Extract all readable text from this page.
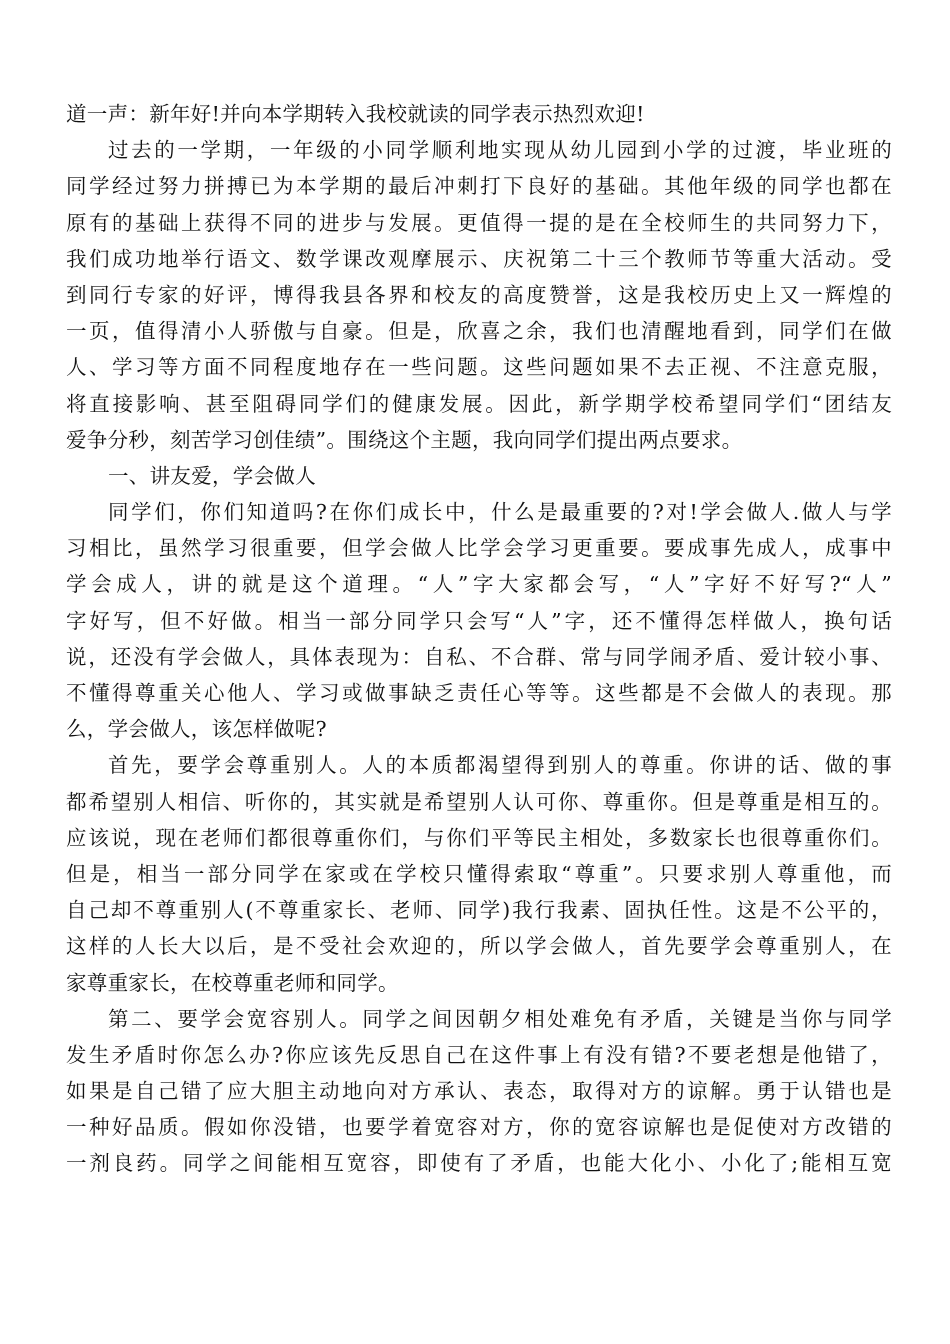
道一声：新年好!并向本学期转入我校就读的同学表示热烈欢迎!
过去的一学期，一年级的小同学顺利地实现从幼儿园到小学的过渡，毕业班的
同学经过努力拼搏已为本学期的最后冲刺打下良好的基础。其他年级的同学也都在
原有的基础上获得不同的进步与发展。更值得一提的是在全校师生的共同努力下，
我们成功地举行语文、数学课改观摩展示、庆祝第二十三个教师节等重大活动。受
到同行专家的好评，博得我县各界和校友的高度赞誉，这是我校历史上又一辉煌的
一页，值得清小人骄傲与自豪。但是，欣喜之余，我们也清醒地看到，同学们在做
人、学习等方面不同程度地存在一些问题。这些问题如果不去正视、不注意克服，
将直接影响、甚至阻碍同学们的健康发展。因此，新学期学校希望同学们“团结友
爱争分秒，刻苦学习创佳绩”。围绕这个主题，我向同学们提出两点要求。
一、讲友爱，学会做人
同学们，你们知道吗?在你们成长中，什么是最重要的?对!学会做人.做人与学
习相比，虽然学习很重要，但学会做人比学会学习更重要。要成事先成人，成事中
学会成人，讲的就是这个道理。“人”字大家都会写，“人”字好不好写?“人”
字好写，但不好做。相当一部分同学只会写“人”字，还不懂得怎样做人，换句话
说，还没有学会做人，具体表现为：自私、不合群、常与同学闹矛盾、爱计较小事、
不懂得尊重关心他人、学习或做事缺乏责任心等等。这些都是不会做人的表现。那
么，学会做人，该怎样做呢?
首先，要学会尊重别人。人的本质都渴望得到别人的尊重。你讲的话、做的事
都希望别人相信、听你的，其实就是希望别人认可你、尊重你。但是尊重是相互的。
应该说，现在老师们都很尊重你们，与你们平等民主相处，多数家长也很尊重你们。
但是，相当一部分同学在家或在学校只懂得索取“尊重”。只要求别人尊重他，而
自己却不尊重别人(不尊重家长、老师、同学)我行我素、固执任性。这是不公平的，
这样的人长大以后，是不受社会欢迎的，所以学会做人，首先要学会尊重别人，在
家尊重家长，在校尊重老师和同学。
第二、要学会宽容别人。同学之间因朝夕相处难免有矛盾，关键是当你与同学
发生矛盾时你怎么办?你应该先反思自己在这件事上有没有错?不要老想是他错了，
如果是自己错了应大胆主动地向对方承认、表态，取得对方的谅解。勇于认错也是
一种好品质。假如你没错，也要学着宽容对方，你的宽容谅解也是促使对方改错的
一剂良药。同学之间能相互宽容，即使有了矛盾，也能大化小、小化了;能相互宽
